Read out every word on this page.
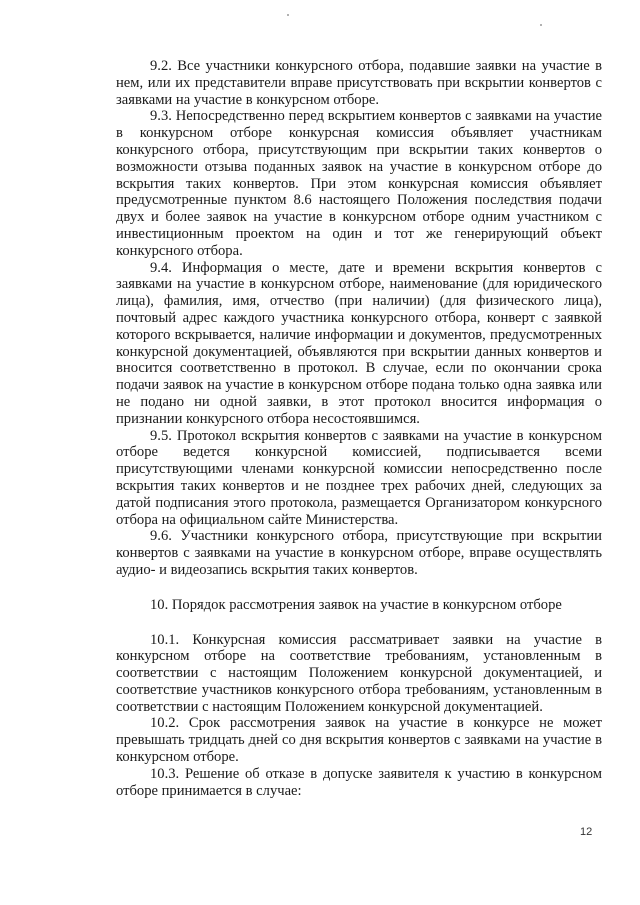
9.2. Все участники конкурсного отбора, подавшие заявки на участие в нем, или их представители вправе присутствовать при вскрытии конвертов с заявками на участие в конкурсном отборе.

9.3. Непосредственно перед вскрытием конвертов с заявками на участие в конкурсном отборе конкурсная комиссия объявляет участникам конкурсного отбора, присутствующим при вскрытии таких конвертов о возможности отзыва поданных заявок на участие в конкурсном отборе до вскрытия таких конвертов. При этом конкурсная комиссия объявляет предусмотренные пунктом 8.6 настоящего Положения последствия подачи двух и более заявок на участие в конкурсном отборе одним участником с инвестиционным проектом на один и тот же генерирующий объект конкурсного отбора.

9.4. Информация о месте, дате и времени вскрытия конвертов с заявками на участие в конкурсном отборе, наименование (для юридического лица), фамилия, имя, отчество (при наличии) (для физического лица), почтовый адрес каждого участника конкурсного отбора, конверт с заявкой которого вскрывается, наличие информации и документов, предусмотренных конкурсной документацией, объявляются при вскрытии данных конвертов и вносится соответственно в протокол. В случае, если по окончании срока подачи заявок на участие в конкурсном отборе подана только одна заявка или не подано ни одной заявки, в этот протокол вносится информация о признании конкурсного отбора несостоявшимся.

9.5. Протокол вскрытия конвертов с заявками на участие в конкурсном отборе ведется конкурсной комиссией, подписывается всеми присутствующими членами конкурсной комиссии непосредственно после вскрытия таких конвертов и не позднее трех рабочих дней, следующих за датой подписания этого протокола, размещается Организатором конкурсного отбора на официальном сайте Министерства.

9.6. Участники конкурсного отбора, присутствующие при вскрытии конвертов с заявками на участие в конкурсном отборе, вправе осуществлять аудио- и видеозапись вскрытия таких конвертов.

10. Порядок рассмотрения заявок на участие в конкурсном отборе

10.1. Конкурсная комиссия рассматривает заявки на участие в конкурсном отборе на соответствие требованиям, установленным в соответствии с настоящим Положением конкурсной документацией, и соответствие участников конкурсного отбора требованиям, установленным в соответствии с настоящим Положением конкурсной документацией.

10.2. Срок рассмотрения заявок на участие в конкурсе не может превышать тридцать дней со дня вскрытия конвертов с заявками на участие в конкурсном отборе.

10.3. Решение об отказе в допуске заявителя к участию в конкурсном отборе принимается в случае:

12
